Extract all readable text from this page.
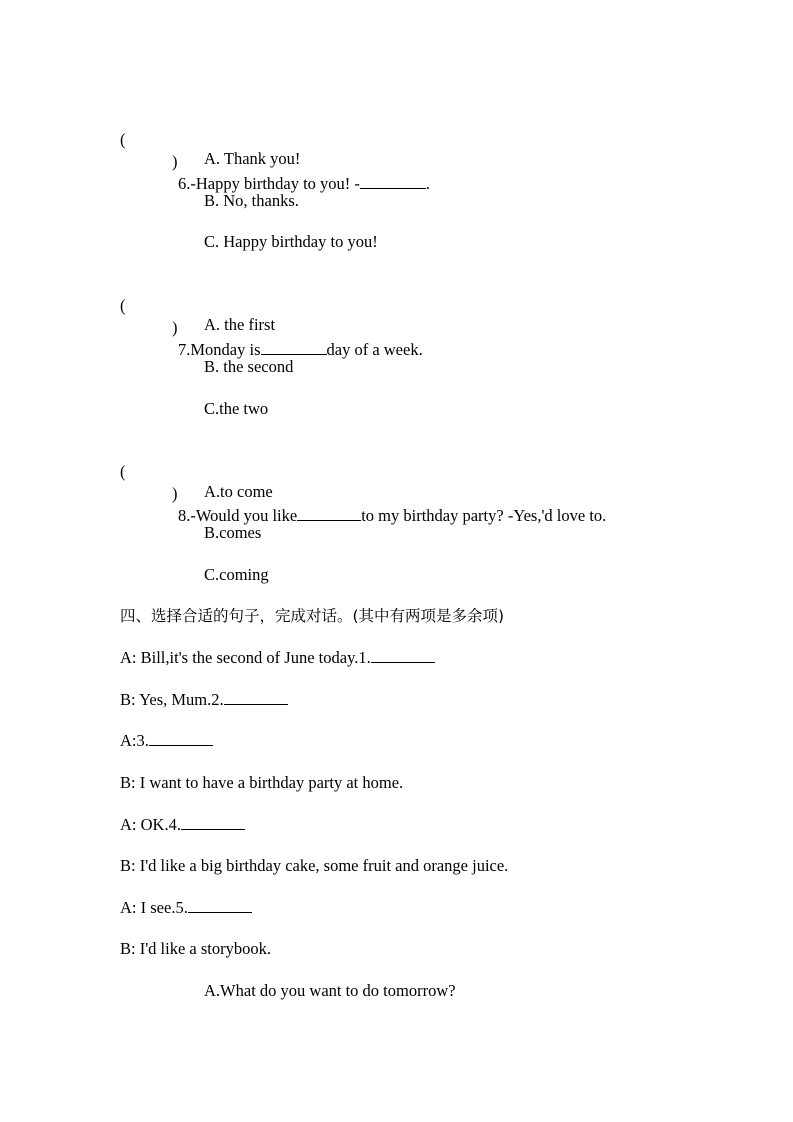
(

)

6.-Happy birthday to you! -	.

A. Thank you!
B. No, thanks.
C. Happy birthday to you!

(

)

7.Monday is	day of a week.

A. the first
B. the second
C.the two

(

)

8.-Would you like	to my birthday party? -Yes,'d love to.

A.to come
B.comes
C.coming
四、选择合适的句子，完成对话。(其中有两项是多余项)
A: Bill,it's the second of June today.1.
B: Yes, Mum.2.
A:3.
B: I want to have a birthday party at home.
A: OK.4.
B: I'd like a big birthday cake, some fruit and orange juice.
A: I see.5.
B: I'd like a storybook.
A.What do you want to do tomorrow?
